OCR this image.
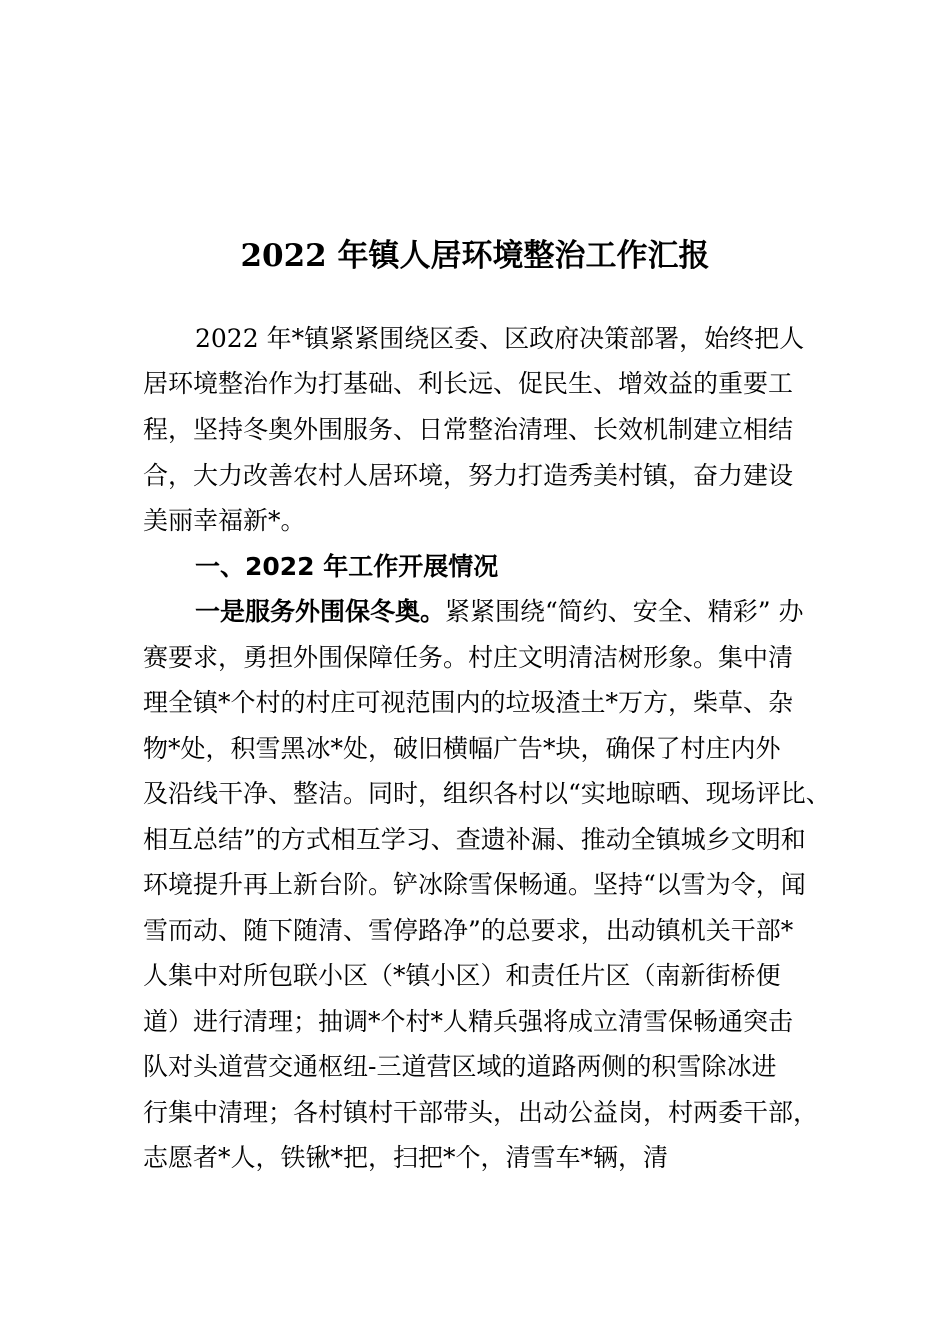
2022 年镇人居环境整治工作汇报
2022 年*镇紧紧围绕区委、区政府决策部署，始终把人
居环境整治作为打基础、利长远、促民生、增效益的重要工
程，坚持冬奥外围服务、日常整治清理、长效机制建立相结
合，大力改善农村人居环境，努力打造秀美村镇，奋力建设
美丽幸福新*。
一、2022 年工作开展情况
一是服务外围保冬奥。紧紧围绕“简约、安全、精彩” 办
赛要求，勇担外围保障任务。村庄文明清洁树形象。集中清
理全镇*个村的村庄可视范围内的垃圾渣土*万方，柴草、杂
物*处，积雪黑冰*处，破旧横幅广告*块，确保了村庄内外
及沿线干净、整洁。同时，组织各村以“实地晾晒、现场评比、
相互总结”的方式相互学习、查遗补漏、推动全镇城乡文明和
环境提升再上新台阶。铲冰除雪保畅通。坚持“以雪为令，闻
雪而动、随下随清、雪停路净”的总要求，出动镇机关干部*
人集中对所包联小区（*镇小区）和责任片区（南新街桥便
道）进行清理；抽调*个村*人精兵强将成立清雪保畅通突击
队对头道营交通枢纽-三道营区域的道路两侧的积雪除冰进
行集中清理；各村镇村干部带头，出动公益岗，村两委干部，
志愿者*人，铁锹*把，扫把*个，清雪车*辆，清
